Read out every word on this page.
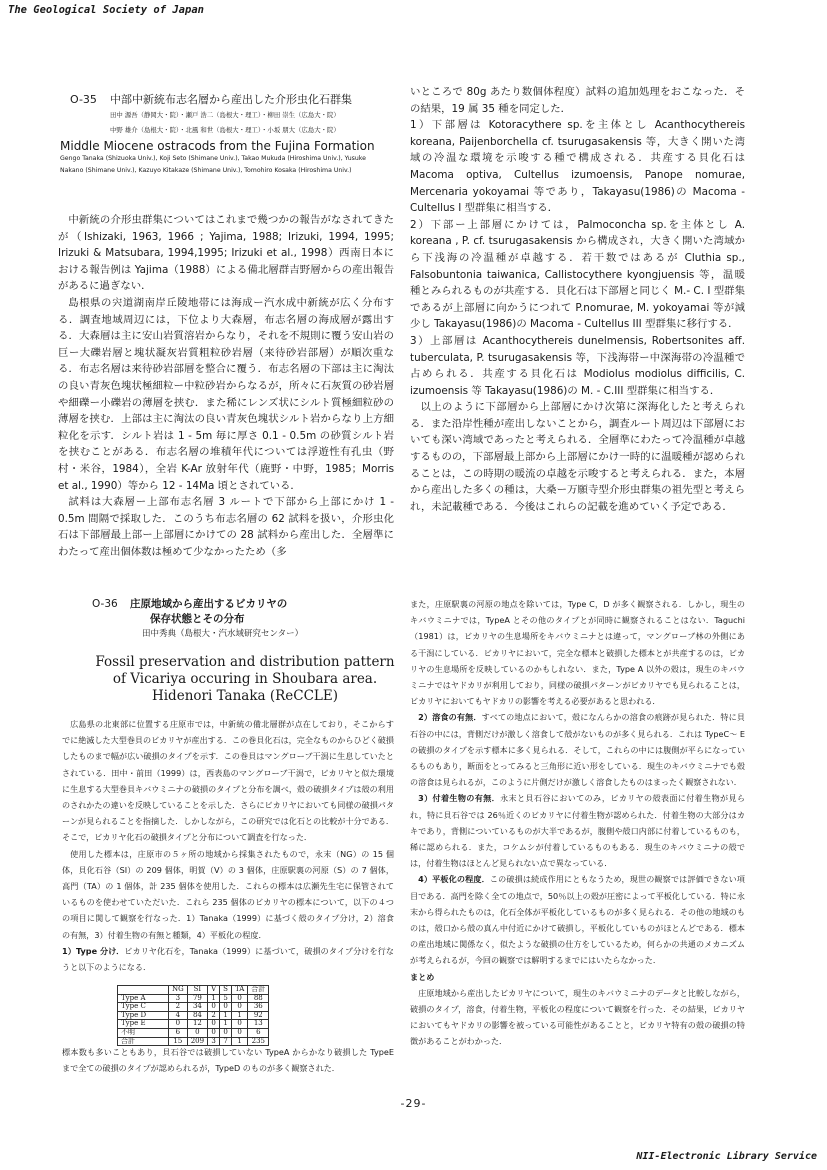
The Geological Society of Japan
O-35 中部中新統布志名層から産出した介形虫化石群集
田中 源吾（静岡大・院）・瀬戸 浩二（島根大・理工）・柳田 崇生（広島大・院）
中野 雄介（島根大・院）・北風 和世（島根大・理工）・小坂 朋大（広島大・院）
Middle Miocene ostracods from the Fujina Formation
Gengo Tanaka (Shizuoka Univ.), Koji Seto (Shimane Univ.), Takao Mukuda (Hiroshima Univ.), Yusuke Nakano (Shimane Univ.), Kazuyo Kitakaze (Shimane Univ.), Tomohiro Kosaka (Hiroshima Univ.)

中新統の介形虫群集についてはこれまで幾つかの報告がなされてきたが（Ishizaki, 1963, 1966 ; Yajima, 1988; Irizuki, 1994, 1995; Irizuki & Matsubara, 1994,1995; Irizuki et al., 1998）西南日本における報告例は Yajima（1988）による備北層群吉野層からの産出報告があるに過ぎない．

島根県の宍道湖南岸丘陵地帯には海成ー汽水成中新統が広く分布する．調査地域周辺には，下位より大森層，布志名層の海成層が露出する．大森層は主に安山岩質溶岩からなり，それを不規則に覆う安山岩の巨ー大礫岩層と塊状凝灰岩質粗粒砂岩層（来待砂岩部層）が順次重なる．布志名層は来待砂岩部層を整合に覆う．布志名層の下部は主に淘汰の良い青灰色塊状極細粒ー中粒砂岩からなるが，所々に石灰質の砂岩層や細礫ー小礫岩の薄層を挟む．また稀にレンズ状にシルト質極細粒砂の薄層を挟む．上部は主に淘汰の良い青灰色塊状シルト岩からなり上方細粒化を示す．シルト岩は 1 - 5m 毎に厚さ 0.1 - 0.5m の砂質シルト岩を挟むことがある．布志名層の堆積年代については浮遊性有孔虫（野村・米谷，1984），全岩 K-Ar 放射年代（鹿野・中野，1985；Morris et al., 1990）等から 12 - 14Ma 頃とされている．

試料は大森層ー上部布志名層 3 ルートで下部から上部にかけ 1 - 0.5m 間隔で採取した．このうち布志名層の 62 試料を扱い，介形虫化石は下部層最上部ー上部層にかけての 28 試料から産出した．全層準にわたって産出個体数は極めて少なかったため（多

いところで 80g あたり数個体程度）試料の追加処理をおこなった．その結果，19 属 35 種を同定した．

1）下部層は Kotoracythere sp.を主体とし Acanthocythereis koreana, Paijenborchella cf. tsurugasakensis 等，大きく開いた湾域の冷温な環境を示唆する種で構成される．共産する貝化石は Macoma optiva, Cultellus izumoensis, Panope nomurae, Mercenaria yokoyamai 等であり，Takayasu(1986)の Macoma - Cultellus I 型群集に相当する．

2）下部ー上部層にかけては，Palmoconcha sp.を主体とし A. koreana , P. cf. tsurugasakensis から構成され，大きく開いた湾域から下浅海の冷温種が卓越する．若干数ではあるが Cluthia sp., Falsobuntonia taiwanica, Callistocythere kyongjuensis 等，温暖種とみられるものが共産する．貝化石は下部層と同じく M.- C. I 型群集であるが上部層に向かうにつれて P.nomurae, M. yokoyamai 等が減少し Takayasu(1986)の Macoma - Cultellus III 型群集に移行する．

3）上部層は Acanthocythereis dunelmensis, Robertsonites aff. tuberculata, P. tsurugasakensis 等，下浅海帯ー中深海帯の冷温種で占められる．共産する貝化石は Modiolus modiolus difficilis, C. izumoensis 等 Takayasu(1986)の M. - C.III 型群集に相当する．

以上のように下部層から上部層にかけ次第に深海化したと考えられる．また沿岸性種が産出しないことから，調査ルート周辺は下部層においても深い湾域であったと考えられる．全層準にわたって冷温種が卓越するものの，下部層最上部から上部層にかけ一時的に温暖種が認められることは，この時期の暖流の卓越を示唆すると考えられる．また，本層から産出した多くの種は，大桑ー万願寺型介形虫群集の祖先型と考えられ，未記載種である．今後はこれらの記載を進めていく予定である．

O-36 庄原地域から産出するビカリヤの
保存状態とその分布
田中秀典（島根大・汽水域研究センター）
Fossil preservation and distribution pattern
of Vicariya occuring in Shoubara area.
Hidenori Tanaka (ReCCLE)

広島県の北東部に位置する庄原市では，中新統の備北層群が点在しており，そこからすでに絶滅した大型巻貝のビカリヤが産出する．この巻貝化石は，完全なものからひどく破損したものまで幅が広い破損のタイプを示す．この巻貝はマングローブ干潟に生息していたとされている．田中・前田（1999）は，西表島のマングローブ干潟で，ビカリヤと似た環境に生息する大型巻貝キバウミニナの破損のタイプと分布を調べ，殻の破損タイプは殻の利用のされかたの違いを反映していることを示した．さらにビカリヤにおいても同様の破損パターンが見られることを指摘した．しかしながら，この研究では化石との比較が十分である．そこで，ビカリヤ化石の破損タイプと分布について調査を行なった．

使用した標本は，庄原市の５ヶ所の地域から採集されたもので，永末（NG）の 15 個体，貝化石谷（SI）の 209 個体，明賀（V）の 3 個体，庄原駅裏の河原（S）の 7 個体，高門（TA）の 1 個体，計 235 個体を使用した．これらの標本は広瀬先生宅に保管されているものを使わせていただいた．これら 235 個体のビカリヤの標本について，以下の４つの項目に関して観察を行なった．1）Tanaka（1999）に基づく殻のタイプ分け，2）溶食の有無，3）付着生物の有無と種類，4）平板化の程度．

1）Type 分け．ビカリヤ化石を，Tanaka（1999）に基づいて，破損のタイプ分けを行なうと以下のようになる．

	NG	SI	V	S	TA	合計
Type A	3	79	1	5	0	88
Type C	2	34	0	0	0	36
Type D	4	84	2	1	1	92
Type E	0	12	0	1	0	13
不明	6	0	0	0	0	6
合計	15	209	3	7	1	235

標本数も多いこともあり，貝石谷では破損していない TypeA からかなり破損した TypeE まで全ての破損のタイプが認められるが，TypeD のものが多く観察された．

また，庄原駅裏の河原の地点を除いては，Type C，D が多く観察される．しかし，現生のキバウミニナでは，TypeA とその他のタイプとが同時に観察されることはない．Taguchi（1981）は，ビカリヤの生息場所をキバウミニナとは違って，マングローブ林の外側にある干潟にしている．ビカリヤにおいて，完全な標本と破損した標本とが共産するのは，ビカリヤの生息場所を反映しているのかもしれない．また，Type A 以外の殻は，現生のキバウミニナではヤドカリが利用しており，同様の破損パターンがビカリヤでも見られることは，ビカリヤにおいてもヤドカリの影響を考える必要があると思われる．

2）溶食の有無．すべての地点において，殻になんらかの溶食の痕跡が見られた．特に貝石谷の中には，背側だけが激しく溶食して殻がないものが多く見られる．これは TypeC〜 E の破損のタイプを示す標本に多く見られる．そして，これらの中には腹側が平らになっているものもあり，断面をとってみると三角形に近い形をしている．現生のキバウミニナでも殻の溶食は見られるが，このように片側だけが激しく溶食したものはまったく観察されない．

3）付着生物の有無．永末と貝石谷においてのみ，ビカリヤの殻表面に付着生物が見られ，特に貝石谷では 26％近くのビカリヤに付着生物が認められた．付着生物の大部分はカキであり，背側についているものが大半であるが，腹側や殻口内部に付着しているものも，稀に認められる．また，コケムシが付着しているものもある．現生のキバウミニナの殻では，付着生物はほとんど見られない点で異なっている．

4）平板化の程度．この破損は続成作用にともなうため，現世の観察では評価できない項目である．高門を除く全ての地点で，50％以上の殻が圧密によって平板化している．特に永末から得られたものは，化石全体が平板化しているものが多く見られる．その他の地域のものは，殻口から殻の真ん中付近にかけて破損し，平板化していものがほとんどである．標本の産出地域に関係なく，似たような破損の仕方をしているため，何らかの共通のメカニズムが考えられるが，今回の観察では解明するまでにはいたらなかった．

まとめ

庄原地域から産出したビカリヤについて，現生のキバウミニナのデータと比較しながら，破損のタイプ，溶食，付着生物，平板化の程度について観察を行った．その結果，ビカリヤにおいてもヤドカリの影響を被っている可能性があることと，ビカリヤ特有の殻の破損の特徴があることがわかった．

-29-
NII-Electronic Library Service
